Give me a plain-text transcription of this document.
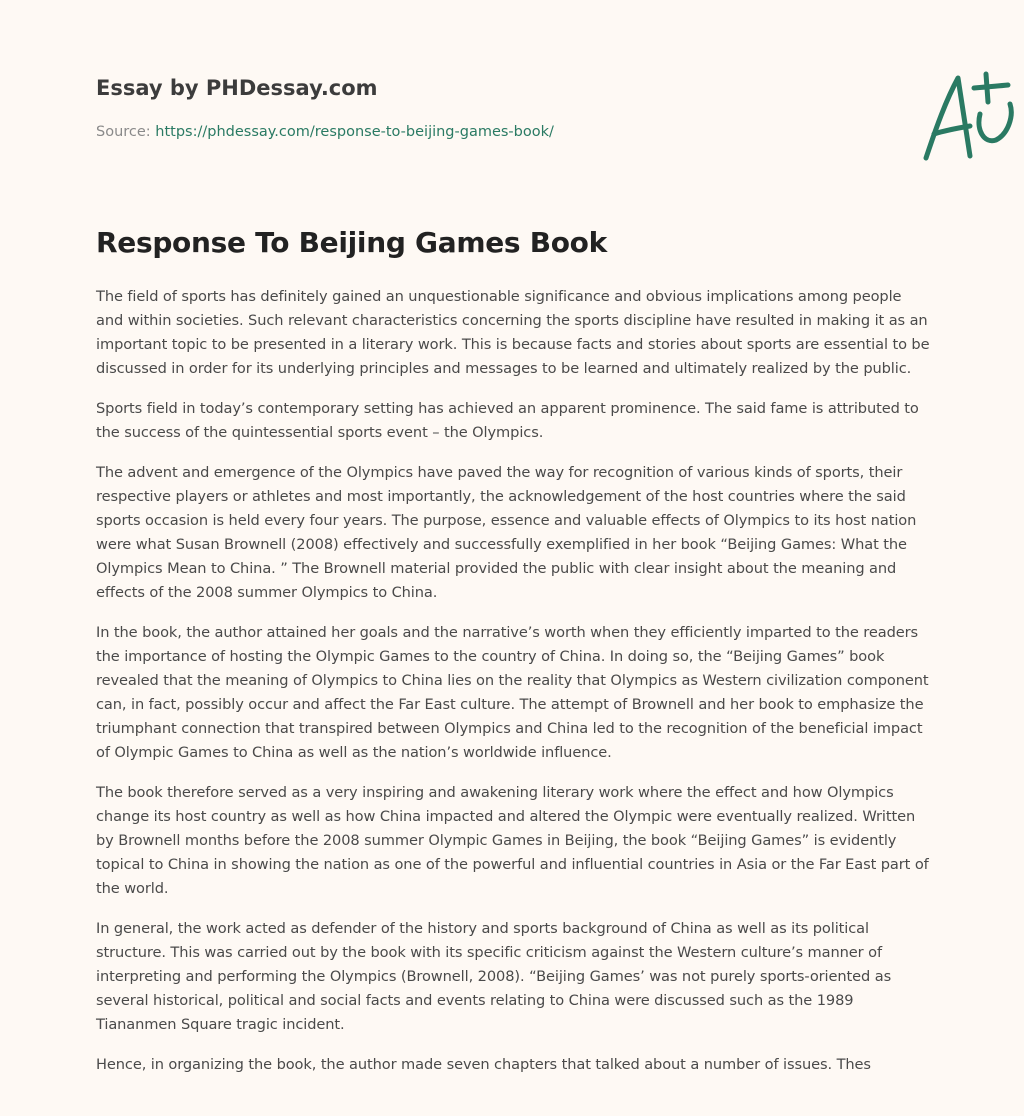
Essay by PHDessay.com
Source: https://phdessay.com/response-to-beijing-games-book/
Response To Beijing Games Book

The field of sports has definitely gained an unquestionable significance and obvious implications among people and within societies. Such relevant characteristics concerning the sports discipline have resulted in making it as an important topic to be presented in a literary work. This is because facts and stories about sports are essential to be discussed in order for its underlying principles and messages to be learned and ultimately realized by the public.

Sports field in today’s contemporary setting has achieved an apparent prominence. The said fame is attributed to the success of the quintessential sports event – the Olympics.

The advent and emergence of the Olympics have paved the way for recognition of various kinds of sports, their respective players or athletes and most importantly, the acknowledgement of the host countries where the said sports occasion is held every four years. The purpose, essence and valuable effects of Olympics to its host nation were what Susan Brownell (2008) effectively and successfully exemplified in her book “Beijing Games: What the Olympics Mean to China. ” The Brownell material provided the public with clear insight about the meaning and effects of the 2008 summer Olympics to China.

In the book, the author attained her goals and the narrative’s worth when they efficiently imparted to the readers the importance of hosting the Olympic Games to the country of China. In doing so, the “Beijing Games” book revealed that the meaning of Olympics to China lies on the reality that Olympics as Western civilization component can, in fact, possibly occur and affect the Far East culture. The attempt of Brownell and her book to emphasize the triumphant connection that transpired between Olympics and China led to the recognition of the beneficial impact of Olympic Games to China as well as the nation’s worldwide influence.

The book therefore served as a very inspiring and awakening literary work where the effect and how Olympics change its host country as well as how China impacted and altered the Olympic were eventually realized. Written by Brownell months before the 2008 summer Olympic Games in Beijing, the book “Beijing Games” is evidently topical to China in showing the nation as one of the powerful and influential countries in Asia or the Far East part of the world.

In general, the work acted as defender of the history and sports background of China as well as its political structure. This was carried out by the book with its specific criticism against the Western culture’s manner of interpreting and performing the Olympics (Brownell, 2008). “Beijing Games’ was not purely sports-oriented as several historical, political and social facts and events relating to China were discussed such as the 1989 Tiananmen Square tragic incident.

Hence, in organizing the book, the author made seven chapters that talked about a number of issues. Thes
